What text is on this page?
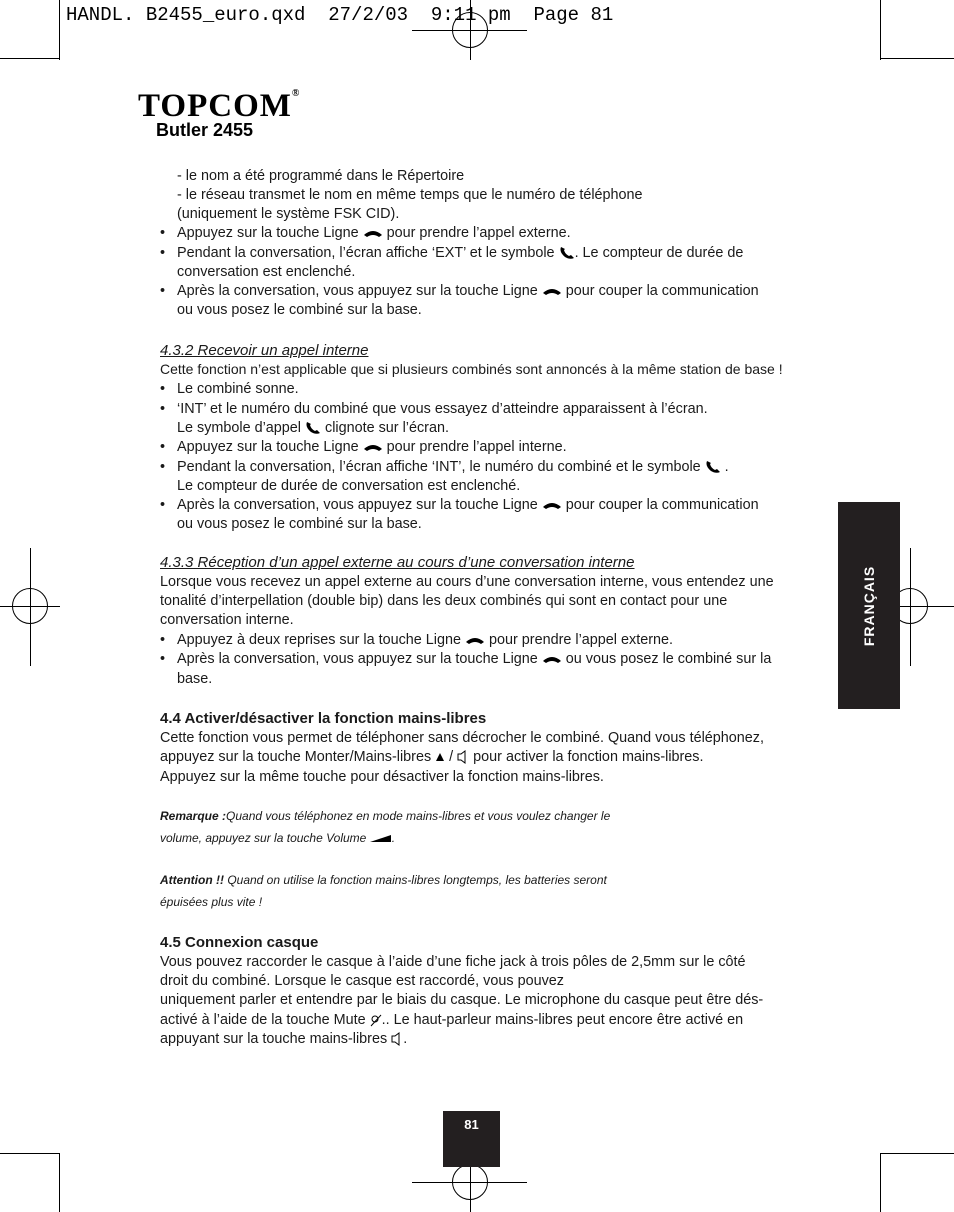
HANDL. B2455_euro.qxd  27/2/03  9:11 pm  Page 81
TOPCOM®
Butler 2455
- le nom a été programmé dans le Répertoire
- le réseau transmet le nom en même temps que le numéro de téléphone
(uniquement le système FSK CID).
• Appuyez sur la touche Ligne pour prendre l’appel externe.
• Pendant la conversation, l’écran affiche ‘EXT’ et le symbole . Le compteur de durée de
conversation est enclenché.
• Après la conversation, vous appuyez sur la touche Ligne pour couper la communication
ou vous posez le combiné sur la base.
4.3.2 Recevoir un appel interne
Cette fonction n’est applicable que si plusieurs combinés sont annoncés à la même station de base !
• Le combiné sonne.
• ‘INT’ et le numéro du combiné que vous essayez d’atteindre apparaissent à l’écran.
Le symbole d’appel clignote sur l’écran.
• Appuyez sur la touche Ligne pour prendre l’appel interne.
• Pendant la conversation, l’écran affiche ‘INT’, le numéro du combiné et le symbole .
Le compteur de durée de conversation est enclenché.
• Après la conversation, vous appuyez sur la touche Ligne pour couper la communication
ou vous posez le combiné sur la base.
4.3.3 Réception d’un appel externe au cours d’une conversation interne
Lorsque vous recevez un appel externe au cours d’une conversation interne, vous entendez une
tonalité d’interpellation (double bip) dans les deux combinés qui sont en contact pour une
conversation interne.
• Appuyez à deux reprises sur la touche Ligne pour prendre l’appel externe.
• Après la conversation, vous appuyez sur la touche Ligne ou vous posez le combiné sur la
base.
4.4 Activer/désactiver la fonction mains-libres
Cette fonction vous permet de téléphoner sans décrocher le combiné. Quand vous téléphonez,
appuyez sur la touche Monter/Mains-libres  /  pour activer la fonction mains-libres.
Appuyez sur la même touche pour désactiver la fonction mains-libres.
Remarque :Quand vous téléphonez en mode mains-libres et vous voulez changer le
volume, appuyez sur la touche Volume .
Attention !! Quand on utilise la fonction mains-libres longtemps, les batteries seront
épuisées plus vite !
4.5 Connexion casque
Vous pouvez raccorder le casque à l’aide d’une fiche jack à trois pôles de 2,5mm sur le côté
droit du combiné. Lorsque le casque est raccordé, vous pouvez
uniquement parler et entendre par le biais du casque. Le microphone du casque peut être dés-
activé à l’aide de la touche Mute .. Le haut-parleur mains-libres peut encore être activé en
appuyant sur la touche mains-libres .
FRANÇAIS
81
